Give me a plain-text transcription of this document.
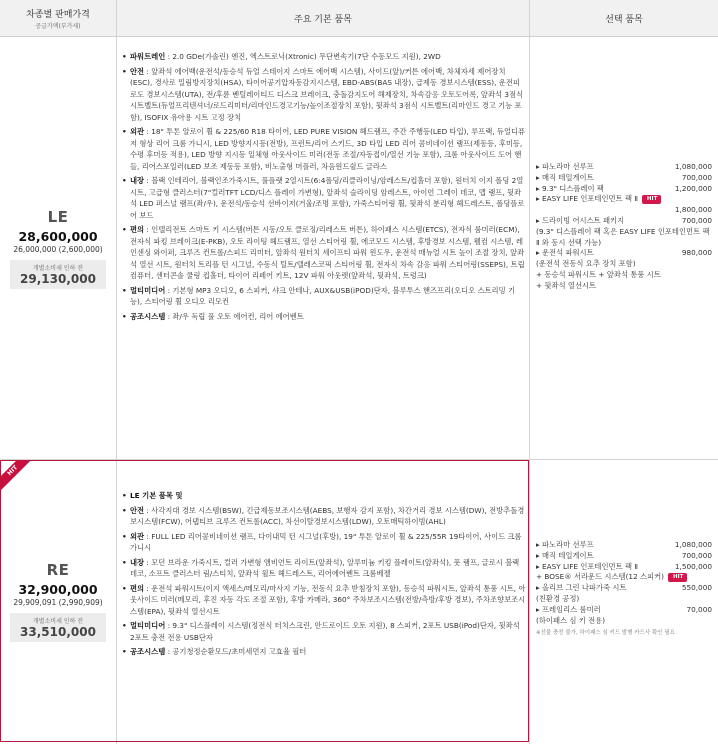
차종별 판매가격
공급가액(부가세)
주요 기본 품목	선택 품목
LE
28,600,000
26,000,000 (2,600,000)
개별소비세 인하 전
29,130,000

• 파워트레인 : 2.0 GDe(가솔린) 엔진, 엑스트로닉(Xtronic) 무단변속기(7단 수동모드 지원), 2WD

• 안전 : 앞좌석 에어백(운전석/동승석 듀얼 스테이지 스마트 에어백 시스템), 사이드(앞)/커튼 에어백, 차체자세 제어장치(ESC), 경사로 밀림방지장치(HSA), 타이어공기압자동감지시스템, EBD-ABS(BAS 내장), 급제동 경보시스템(ESS), 운전피로도 경보시스템(UTA), 전/후륜 벤틸레이티드 디스크 브레이크, 충돌감지도어 해제장치, 차속감응 오토도어록, 앞좌석 3점식 시트벨트(듀얼프리텐셔너/로드리미터/리마인드경고기능/높이조절장치 포함), 뒷좌석 3점식 시트벨트(리마인드 경고 기능 포함), ISOFIX 유아용 시트 고정 장치

• 외관 : 18" 투톤 알로이 휠 & 225/60 R18 타이어, LED PURE VISION 헤드램프, 주간 주행등(LED 타입), 루프랙, 듀얼디퓨저 형상 리어 크롬 가니시, LED 방향지시등(전방), 프런트/리어 스키드, 3D 타입 LED 리어 콤비네이션 램프(제동등, 후미등, 수평 후미등 적용), LED 방향 지시등 일체형 아웃사이드 미러(전동 조절/자동접이/열선 기능 포함), 크롬 아웃사이드 도어 핸들, 리어스포일러(LED 보조 제동등 포함), 비노출형 머플러, 차음윈드쉴드 글라스

• 내장 : 블랙 인테리어, 블랙인조가죽시트, 풀플랫 2열시트(6:4폴딩/리클라이닝/암레스트/컵홀더 포함), 원터치 이지 폴딩 2열 시트, 고급형 클러스터(7"컬러TFT LCD/디스 플레이 가변형), 앞좌석 슬라이딩 암레스트, 아이언 그레이 데코, 맵 램프, 뒷좌석 LED 퍼스널 램프(좌/우), 운전석/동승석 선바이저(거울/조명 포함), 가죽스티어링 휠, 뒷좌석 분리형 헤드레스트, 폴딩플로어 보드

• 편의 : 인텔리전트 스마트 키 시스템(버튼 시동/오토 클로징/리레스트 버튼), 하이패스 시스템(ETCS), 전자식 룸미러(ECM), 전자식 파킹 브레이크(E-PKB), 오토 라이팅 헤드램프, 열선 스티어링 휠, 에코모드 시스템, 후방경보 시스템, 웰컴 시스템, 레인센싱 와이퍼, 크루즈 컨트롤/스피드 리미터, 앞좌석 원터치 세이프티 파워 윈도우, 운전석 매뉴얼 시트 높이 조절 장치, 앞좌석 열선 시트, 원터치 트리플 턴 시그널, 수동식 틸트/텔레스코픽 스티어링 휠, 전자식 차속 감응 파워 스티어링(SSEPS), 트립 컴퓨터, 센터콘솔 쿨링 컵홀더, 타이어 리페어 키트, 12V 파워 아웃렛(앞좌석, 뒷좌석, 트렁크)

• 멀티미디어 : 기본형 MP3 오디오, 6 스피커, 샤크 안테나, AUX&USB(iPOD)단자, 블루투스 핸즈프리(오디오 스트리밍 기능), 스티어링 휠 오디오 리모컨

• 공조시스템 : 좌/우 독립 풀 오토 에어컨, 리어 에어벤트

▸ 파노라마 선루프	1,080,000
▸ 매직 테일게이트	700,000
▸ 9.3" 디스플레이 팩	1,200,000
▸ EASY LIFE 인포테인먼트 팩 Ⅱ HIT
1,800,000
▸ 드라이빙 어시스트 패키지	700,000
(9.3" 디스플레이 팩 혹은 EASY LIFE 인포테인먼트 팩 Ⅱ 와 동시 선택 가능)
▸ 운전석 파워시트	980,000
(운전석 전동식 요추 장치 포함)
+ 동승석 파워시트 + 앞좌석 통풍 시트
+ 뒷좌석 열선시트
HIT
RE
32,900,000
29,909,091 (2,990,909)
개별소비세 인하 전
33,510,000

• LE 기본 품목 및

• 안전 : 사각지대 경보 시스템(BSW), 긴급제동보조시스템(AEBS, 보행자 감지 포함), 차간거리 경보 시스템(DW), 전방추돌경보시스템(FCW), 어댑티브 크루즈 컨트롤(ACC), 차선이탈경보시스템(LDW), 오토매틱하이빔(AHL)

• 외관 : FULL LED 리어콤비네이션 램프, 다이내믹 턴 시그널(후방), 19" 투톤 알로이 휠 & 225/55R 19타이어, 사이드 크롬 가니시

• 내장 : 모던 브라운 가죽시트, 컬러 가변형 앰비언트 라이트(앞좌석), 알루미늄 키킹 플레이트(앞좌석), 풋 램프, 글로시 블랙 데코, 소프트 클러스터 림/스티치, 앞좌석 윌트 헤드레스트, 리어에어벤트 크롬베젤

• 편의 : 운전석 파워시트(이지 액세스/메모리/마사지 기능, 전동식 요추 받침장치 포함), 동승석 파워시트, 앞좌석 통풍 시트, 아웃사이드 미러(메모리, 후진 자동 각도 조절 포함), 후방 카메라, 360° 주차보조시스템(전방/측방/후방 경보), 주차조향보조시스템(EPA), 뒷좌석 열선시트

• 멀티미디어 : 9.3" 디스플레이 시스템(정전식 터치스크린, 안드로이드 오토 지원), 8 스피커, 2포트 USB(iPod)단자, 뒷좌석 2포트 충전 전용 USB단자

• 공조시스템 : 공기청정순환모드/초미세먼지 고효율 필터

▸ 파노라마 선루프	1,080,000
▸ 매직 테일게이트	700,000
▸ EASY LIFE 인포테인먼트 팩 Ⅱ	1,500,000
+ BOSE® 서라운드 시스템(12 스피커) HIT
▸ 올리브 그린 나파가죽 시트	550,000
(친환경 공정)
▸ 프레임리스 룸미러	70,000
(하이패스 심 키 전용)
※선불 충전 불가, 하이패스 심 키드 발행 카드사 확인 필요
